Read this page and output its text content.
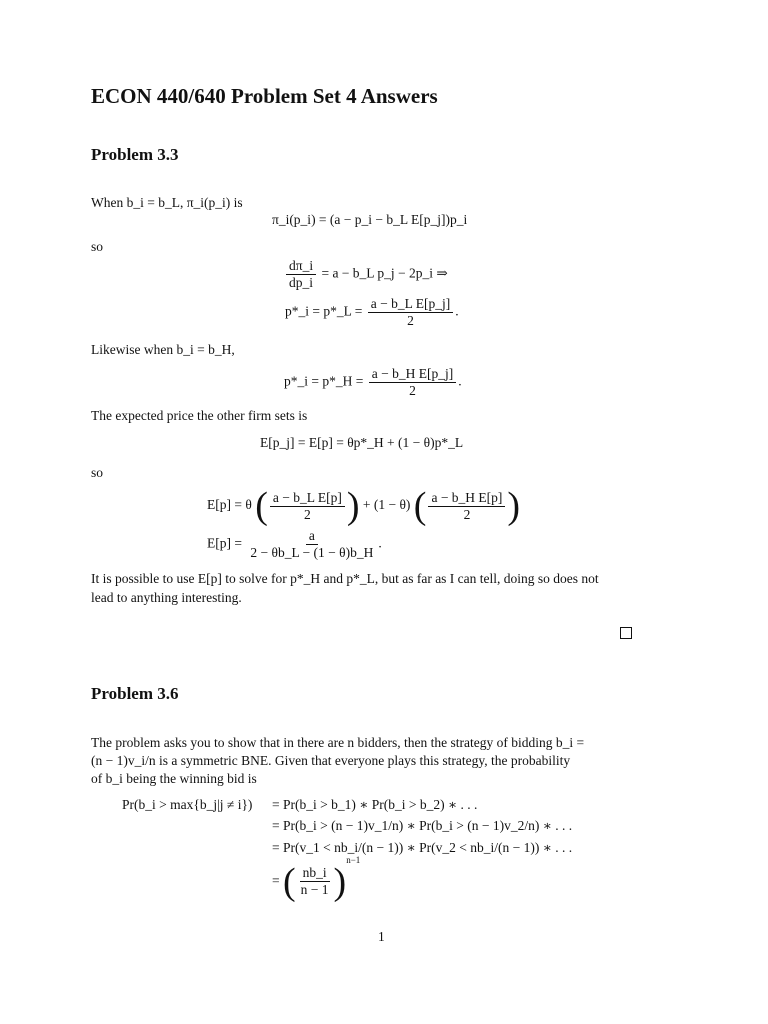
ECON 440/640 Problem Set 4 Answers
Problem 3.3
When b_i = b_L, π_i(p_i) is
π_i(p_i) = (a − p_i − b_L E[p_j])p_i
so
$\frac{d\pi\_i}{dp\_i} = a$ − b_L p_j − 2p_i ⇒
p*_i = p*_L = $\frac{\text{a − b\_L E[p\_j]}}{2}$ .
Likewise when b_i = b_H,
p*_i = p*_H = $\frac{\text{a − b\_H E[p\_j]}}{2}$ .
The expected price the other firm sets is
E[p_j] = E[p] = θp*_H + (1 − θ)p*_L
so
E[p] = θ ( $\frac{\text{a − b\_L E[p]}}{2}$ ) + (1 − θ) ( $\frac{\text{a − b\_H E[p]}}{2}$ )
$E[p] = \frac{a}{2 - \theta b\_L - (1 - \theta)b\_H}$ .
It is possible to use E[p] to solve for p*_H and p*_L, but as far as I can tell, doing so does not
lead to anything interesting.
Problem 3.6
The problem asks you to show that in there are n bidders, then the strategy of bidding b_i =
(n − 1)v_i/n is a symmetric BNE. Given that everyone plays this strategy, the probability
of b_i being the winning bid is
Pr(b_i > max{b_j|j ≠ i}) = Pr(b_i > b_1) ∗ Pr(b_i > b_2) ∗ . . .
= Pr(b_i > (n − 1)v_1/n) ∗ Pr(b_i > (n − 1)v_2/n) ∗ . . .
= Pr(v_1 < nb_i/(n − 1)) ∗ Pr(v_2 < nb_i/(n − 1)) ∗ . . .
= ( $\frac{nb\_i}{n - 1} )^{n-1}$
1
